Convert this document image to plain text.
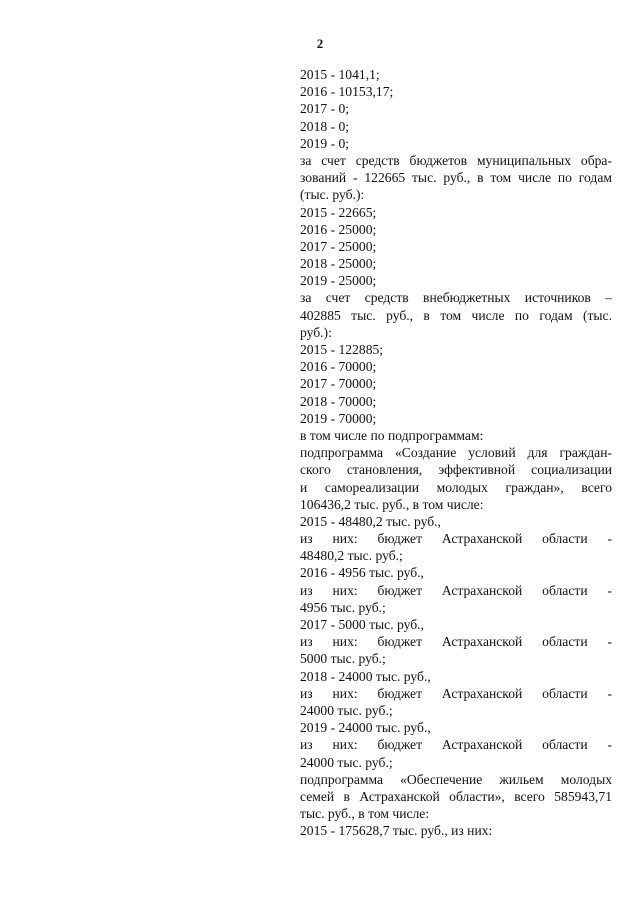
2
2015 - 1041,1;
2016 - 10153,17;
2017 - 0;
2018 - 0;
2019 - 0;
за счет средств бюджетов муниципальных обра-
зований - 122665 тыс. руб., в том числе по годам
(тыс. руб.):
2015 - 22665;
2016 - 25000;
2017 - 25000;
2018 - 25000;
2019 - 25000;
за счет средств внебюджетных источников –
402885 тыс. руб., в том числе по годам (тыс.
руб.):
2015 - 122885;
2016 - 70000;
2017 - 70000;
2018 - 70000;
2019 - 70000;
в том числе по подпрограммам:
подпрограмма «Создание условий для граждан-
ского становления, эффективной социализации
и самореализации молодых граждан», всего
106436,2 тыс. руб., в том числе:
2015 - 48480,2 тыс. руб.,
из них: бюджет Астраханской области -
48480,2 тыс. руб.;
2016 - 4956 тыс. руб.,
из них: бюджет Астраханской области -
4956 тыс. руб.;
2017 - 5000 тыс. руб.,
из них: бюджет Астраханской области -
5000 тыс. руб.;
2018 - 24000 тыс. руб.,
из них: бюджет Астраханской области -
24000 тыс. руб.;
2019 - 24000 тыс. руб.,
из них: бюджет Астраханской области -
24000 тыс. руб.;
подпрограмма «Обеспечение жильем молодых
семей в Астраханской области», всего 585943,71
тыс. руб., в том числе:
2015 - 175628,7 тыс. руб., из них:
